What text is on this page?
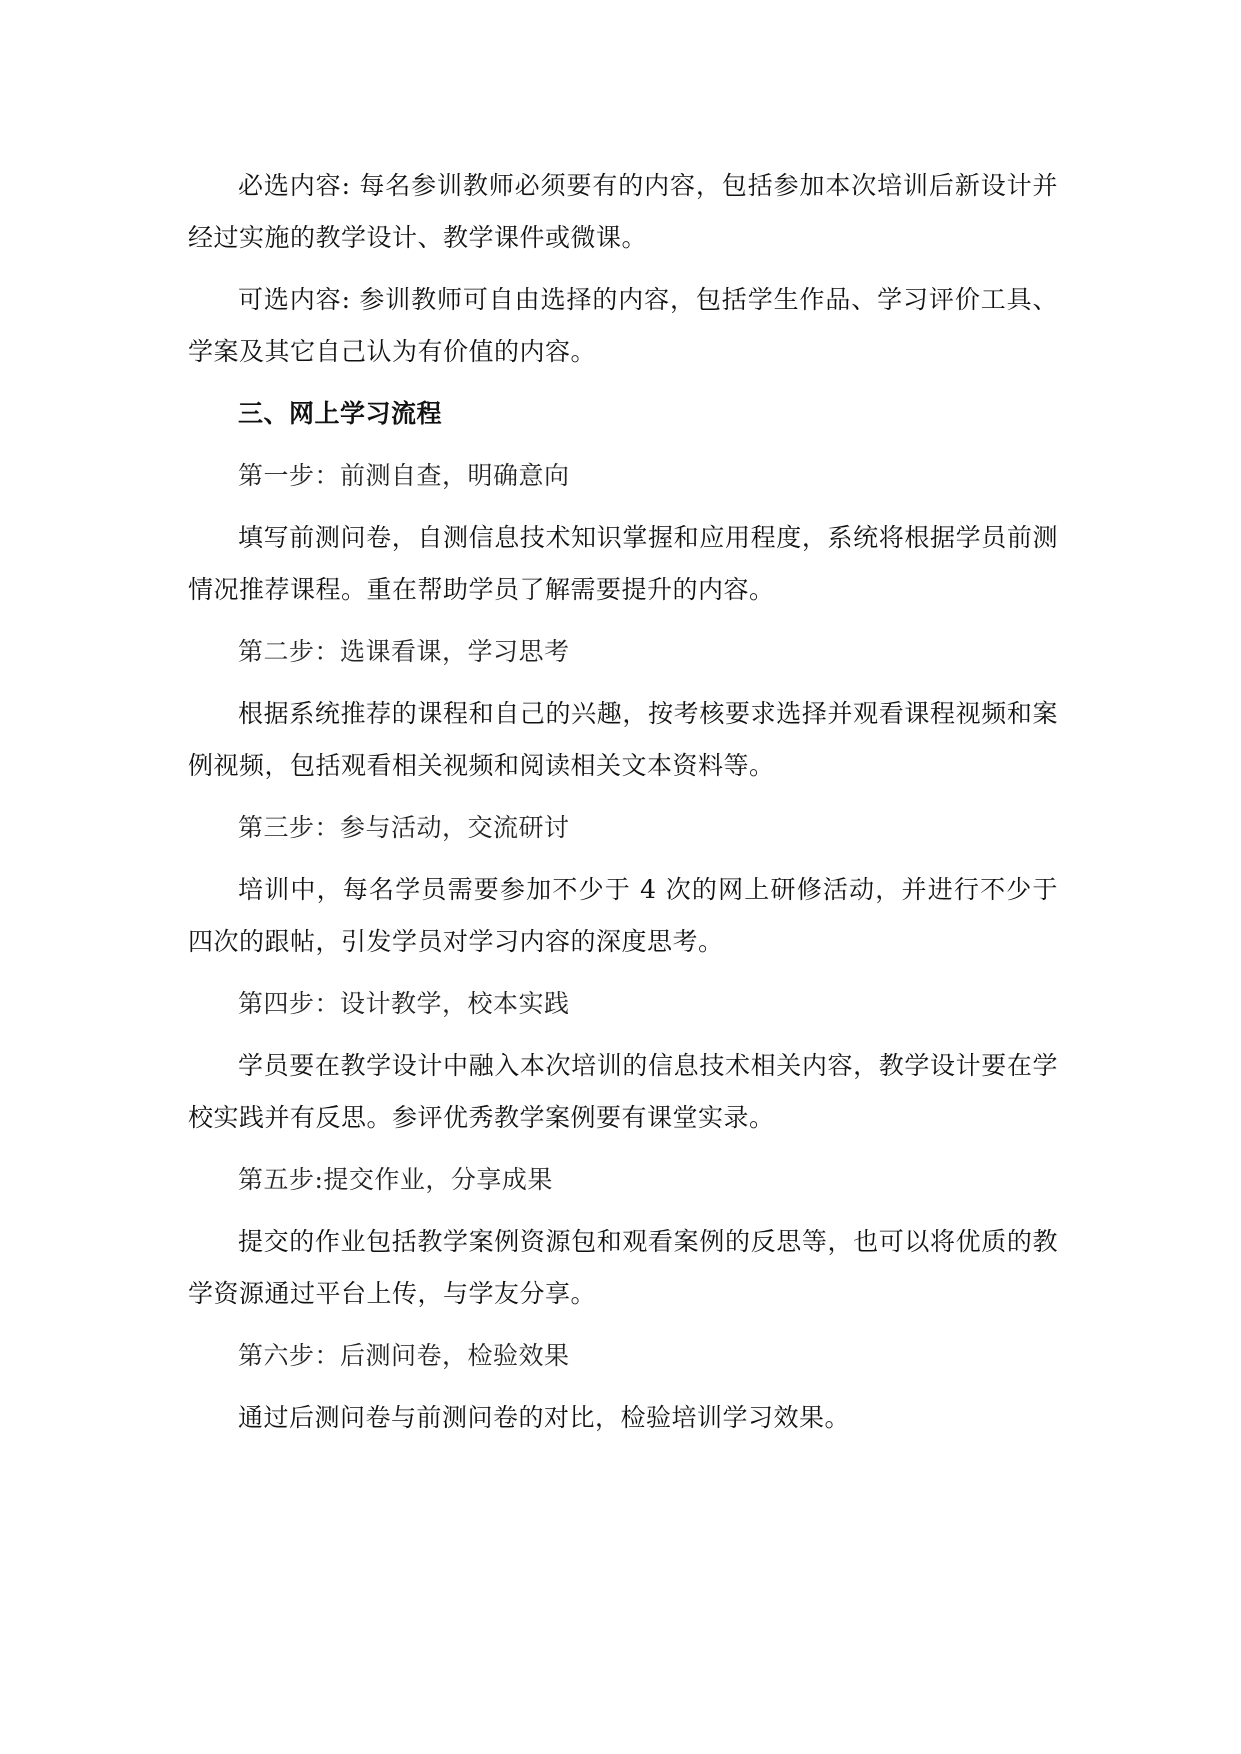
必选内容: 每名参训教师必须要有的内容，包括参加本次培训后新设计并经过实施的教学设计、教学课件或微课。

可选内容: 参训教师可自由选择的内容，包括学生作品、学习评价工具、学案及其它自己认为有价值的内容。

三、网上学习流程

第一步：前测自查，明确意向

填写前测问卷，自测信息技术知识掌握和应用程度，系统将根据学员前测情况推荐课程。重在帮助学员了解需要提升的内容。

第二步：选课看课，学习思考

根据系统推荐的课程和自己的兴趣，按考核要求选择并观看课程视频和案例视频，包括观看相关视频和阅读相关文本资料等。

第三步：参与活动，交流研讨

培训中，每名学员需要参加不少于 4 次的网上研修活动，并进行不少于四次的跟帖，引发学员对学习内容的深度思考。

第四步：设计教学，校本实践

学员要在教学设计中融入本次培训的信息技术相关内容，教学设计要在学校实践并有反思。参评优秀教学案例要有课堂实录。

第五步:提交作业，分享成果

提交的作业包括教学案例资源包和观看案例的反思等，也可以将优质的教学资源通过平台上传，与学友分享。

第六步：后测问卷，检验效果

通过后测问卷与前测问卷的对比，检验培训学习效果。
